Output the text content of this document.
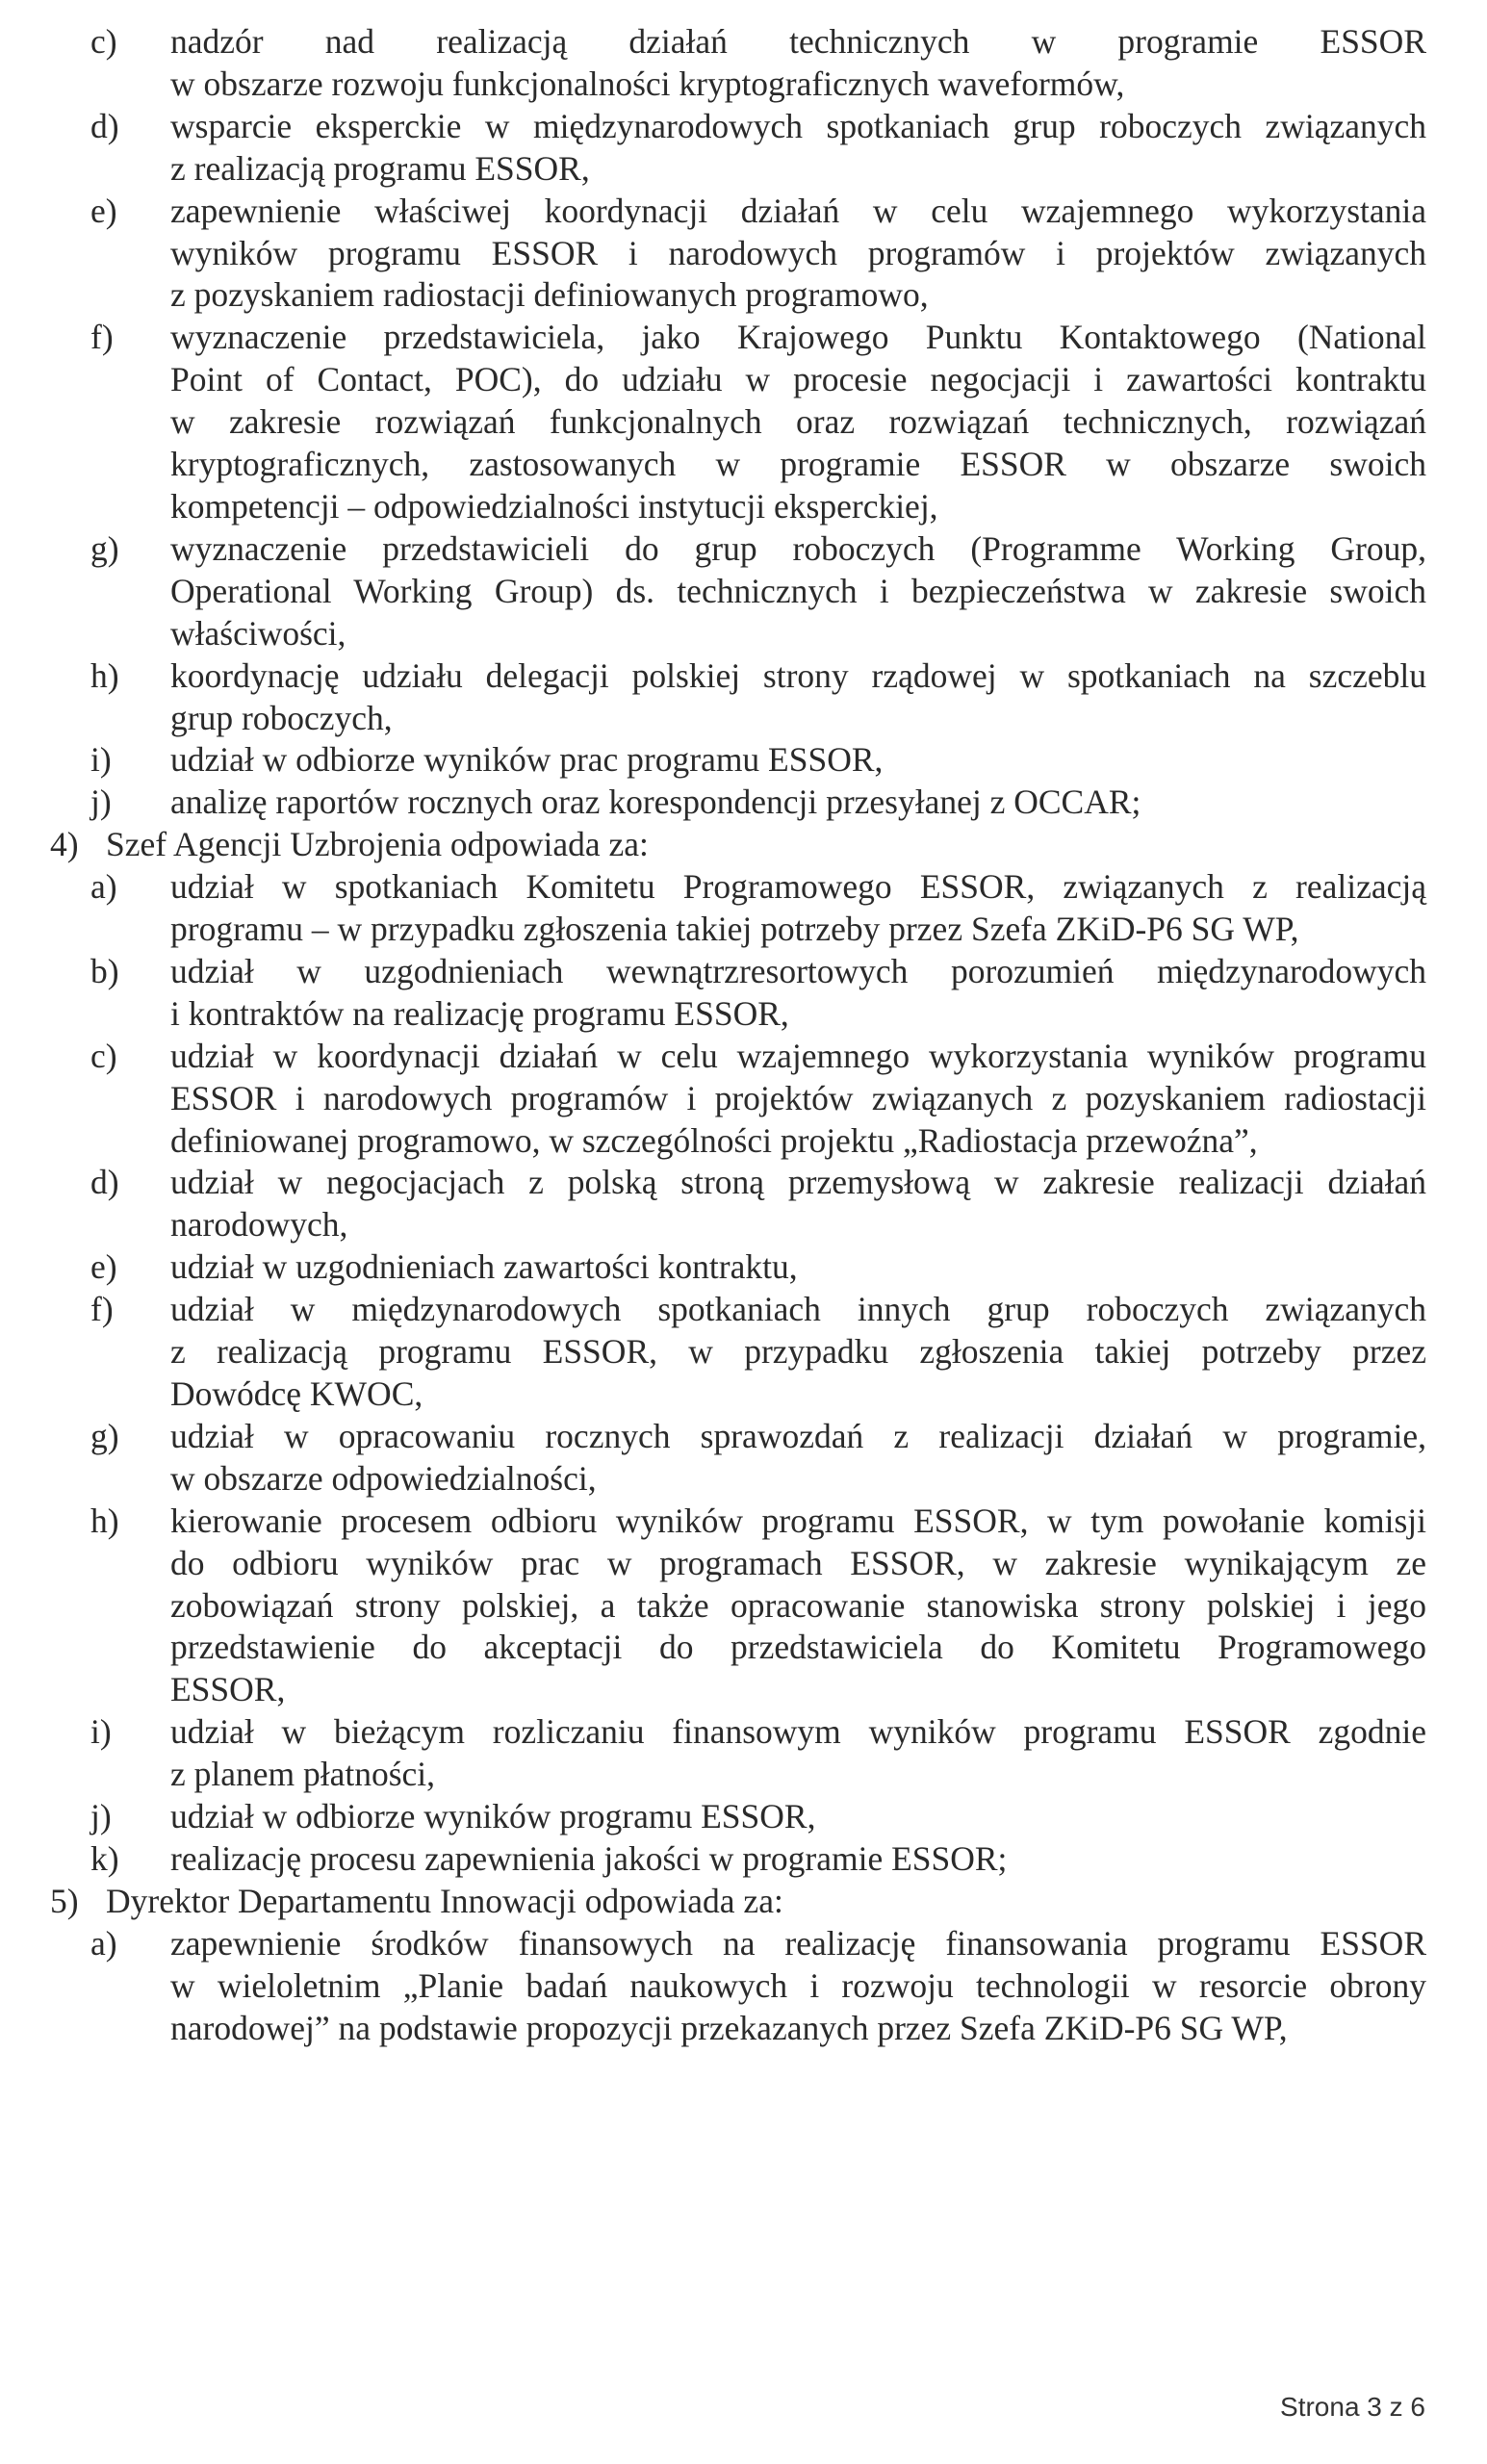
c)	nadzór nad realizacją działań technicznych w programie ESSOR
w obszarze rozwoju funkcjonalności kryptograficznych waveformów,
d)	wsparcie eksperckie w międzynarodowych spotkaniach grup roboczych związanych
z realizacją programu ESSOR,
e)	zapewnienie właściwej koordynacji działań w celu wzajemnego wykorzystania
wyników programu ESSOR i narodowych programów i projektów związanych
z pozyskaniem radiostacji definiowanych programowo,
f)	wyznaczenie przedstawiciela, jako Krajowego Punktu Kontaktowego (National
Point of Contact, POC), do udziału w procesie negocjacji i zawartości kontraktu
w zakresie rozwiązań funkcjonalnych oraz rozwiązań technicznych, rozwiązań
kryptograficznych, zastosowanych w programie ESSOR w obszarze swoich
kompetencji – odpowiedzialności instytucji eksperckiej,
g)	wyznaczenie przedstawicieli do grup roboczych (Programme Working Group,
Operational Working Group) ds. technicznych i bezpieczeństwa w zakresie swoich
właściwości,
h)	koordynację udziału delegacji polskiej strony rządowej w spotkaniach na szczeblu
grup roboczych,
i)	udział w odbiorze wyników prac programu ESSOR,
j)	analizę raportów rocznych oraz korespondencji przesyłanej z OCCAR;
4) Szef Agencji Uzbrojenia odpowiada za:
a)	udział w spotkaniach Komitetu Programowego ESSOR, związanych z realizacją
programu – w przypadku zgłoszenia takiej potrzeby przez Szefa ZKiD-P6 SG WP,
b)	udział w uzgodnieniach wewnątrzresortowych porozumień międzynarodowych
i kontraktów na realizację programu ESSOR,
c)	udział w koordynacji działań w celu wzajemnego wykorzystania wyników programu
ESSOR i narodowych programów i projektów związanych z pozyskaniem radiostacji
definiowanej programowo, w szczególności projektu „Radiostacja przewoźna”,
d)	udział w negocjacjach z polską stroną przemysłową w zakresie realizacji działań
narodowych,
e)	udział w uzgodnieniach zawartości kontraktu,
f)	udział w międzynarodowych spotkaniach innych grup roboczych związanych
z realizacją programu ESSOR, w przypadku zgłoszenia takiej potrzeby przez
Dowódcę KWOC,
g)	udział w opracowaniu rocznych sprawozdań z realizacji działań w programie,
w obszarze odpowiedzialności,
h)	kierowanie procesem odbioru wyników programu ESSOR, w tym powołanie komisji
do odbioru wyników prac w programach ESSOR, w zakresie wynikającym ze
zobowiązań strony polskiej, a także opracowanie stanowiska strony polskiej i jego
przedstawienie do akceptacji do przedstawiciela do Komitetu Programowego
ESSOR,
i)	udział w bieżącym rozliczaniu finansowym wyników programu ESSOR zgodnie
z planem płatności,
j)	udział w odbiorze wyników programu ESSOR,
k)	realizację procesu zapewnienia jakości w programie ESSOR;
5) Dyrektor Departamentu Innowacji odpowiada za:
a)	zapewnienie środków finansowych na realizację finansowania programu ESSOR
w wieloletnim „Planie badań naukowych i rozwoju technologii w resorcie obrony
narodowej” na podstawie propozycji przekazanych przez Szefa ZKiD-P6 SG WP,
Strona 3 z 6
